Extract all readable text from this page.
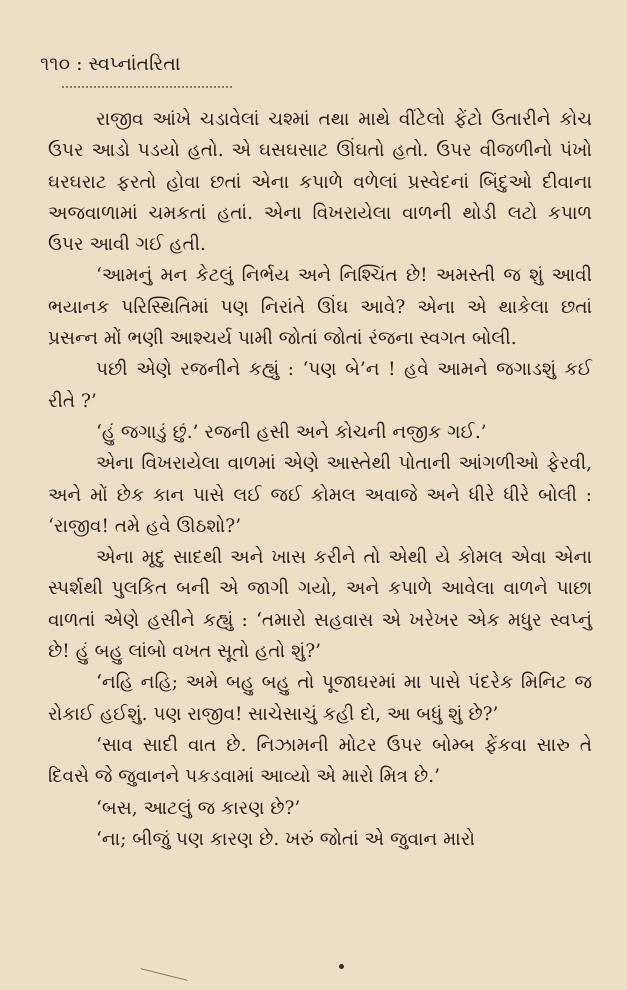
૧૧૦ : સ્વપ્નાંતરિતા

રાજીવ આંખે ચડાવેલાં ચશ્માં તથા માથે વીંટેલો ફેંટો ઉતારીને કોચ ઉપર આડો પડયો હતો. એ ઘસઘસાટ ઊંઘતો હતો. ઉપર વીજળીનો પંખો ઘરઘરાટ ફરતો હોવા છતાં એના કપાળે વળેલાં પ્રસ્વેદનાં બિંદુઓ દીવાના અજવાળામાં ચમકતાં હતાં. એના વિખરાયેલા વાળની થોડી લટો કપાળ ઉપર આવી ગઈ હતી.

‘આમનું મન કેટલું નિર્ભય અને નિશ્ચિંત છે! અમસ્તી જ શું આવી ભયાનક પરિસ્થિતિમાં પણ નિરાંતે ઊંઘ આવે? એના એ થાકેલા છતાં પ્રસન્ન મોં ભણી આશ્ચર્ય પામી જોતાં જોતાં રંજના સ્વગત બોલી.

પછી એણે રજનીને કહ્યું : ‘પણ બે’ન ! હવે આમને જગાડશું કઈ રીતે ?’

‘હું જગાડું છું.’ રજની હસી અને કોચની નજીક ગઈ.’

એના વિખરાયેલા વાળમાં એણે આસ્તેથી પોતાની આંગળીઓ ફેરવી, અને મોં છેક કાન પાસે લઈ જઈ કોમલ અવાજે અને ધીરે ધીરે બોલી : ‘રાજીવ! તમે હવે ઊઠશો?’

એના મૃદુ સાદથી અને ખાસ કરીને તો એથી યે કોમલ એવા એના સ્પર્શથી પુલકિત બની એ જાગી ગયો, અને કપાળે આવેલા વાળને પાછા વાળતાં એણે હસીને કહ્યું : ‘તમારો સહવાસ એ ખરેખર એક મધુર સ્વપ્નું છે! હું બહુ લાંબો વખત સૂતો હતો શું?’

‘નહિ નહિ; અમે બહુ બહુ તો પૂજાઘરમાં મા પાસે પંદરેક મિનિટ જ રોકાઈ હઈશું. પણ રાજીવ! સાચેસાચું કહી દો, આ બધું શું છે?’

‘સાવ સાદી વાત છે. નિઝામની મોટર ઉપર બોમ્બ ફેંકવા સારુ તે દિવસે જે જુવાનને પકડવામાં આવ્યો એ મારો મિત્ર છે.’

‘બસ, આટલું જ કારણ છે?’

‘ના; બીજું પણ કારણ છે. ખરું જોતાં એ જુવાન મારો
